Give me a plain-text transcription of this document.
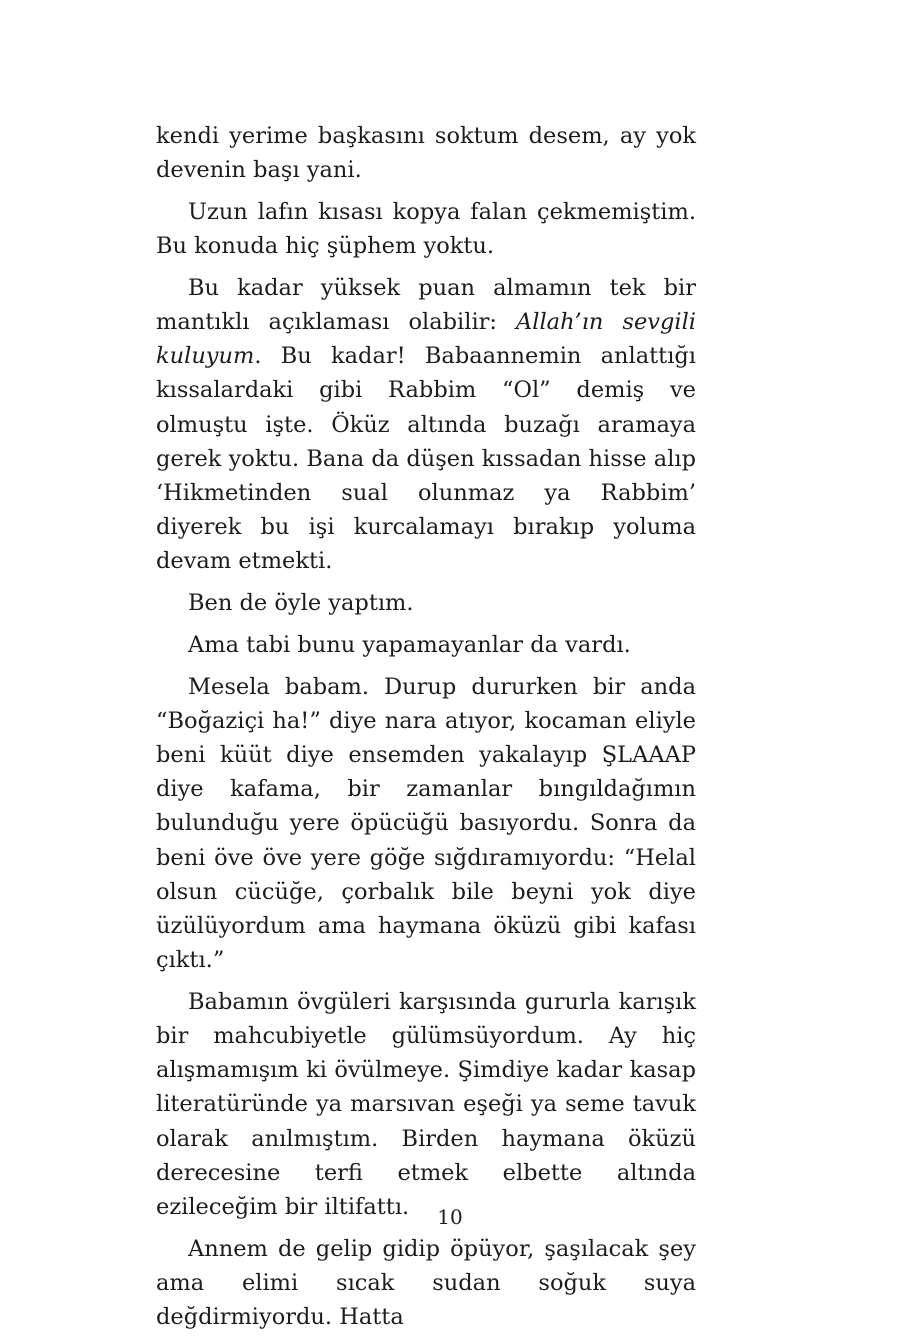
kendi yerime başkasını soktum desem, ay yok devenin başı yani.

Uzun lafın kısası kopya falan çekmemiştim. Bu konuda hiç şüphem yoktu.

Bu kadar yüksek puan almamın tek bir mantıklı açıklaması olabilir: Allah’ın sevgili kuluyum. Bu kadar! Babaannemin anlattığı kıssalardaki gibi Rabbim “Ol” demiş ve olmuştu işte. Öküz altında buzağı aramaya gerek yoktu. Bana da düşen kıssadan hisse alıp ‘Hikmetinden sual olunmaz ya Rabbim’ diyerek bu işi kurcalamayı bırakıp yoluma devam etmekti.

Ben de öyle yaptım.

Ama tabi bunu yapamayanlar da vardı.

Mesela babam. Durup dururken bir anda “Boğaziçi ha!” diye nara atıyor, kocaman eliyle beni küüt diye ensemden yakalayıp ŞLAAAP diye kafama, bir zamanlar bıngıldağımın bulunduğu yere öpücüğü basıyordu. Sonra da beni öve öve yere göğe sığdıramıyordu: “Helal olsun cücüğe, çorbalık bile beyni yok diye üzülüyordum ama haymana öküzü gibi kafası çıktı.”

Babamın övgüleri karşısında gururla karışık bir mahcubiyetle gülümsüyordum. Ay hiç alışmamışım ki övülmeye. Şimdiye kadar kasap literatüründe ya marsıvan eşeği ya seme tavuk olarak anılmıştım. Birden haymana öküzü derecesine terfi etmek elbette altında ezileceğim bir iltifattı.

Annem de gelip gidip öpüyor, şaşılacak şey ama elimi sıcak sudan soğuk suya değdirmiyordu. Hatta

10
